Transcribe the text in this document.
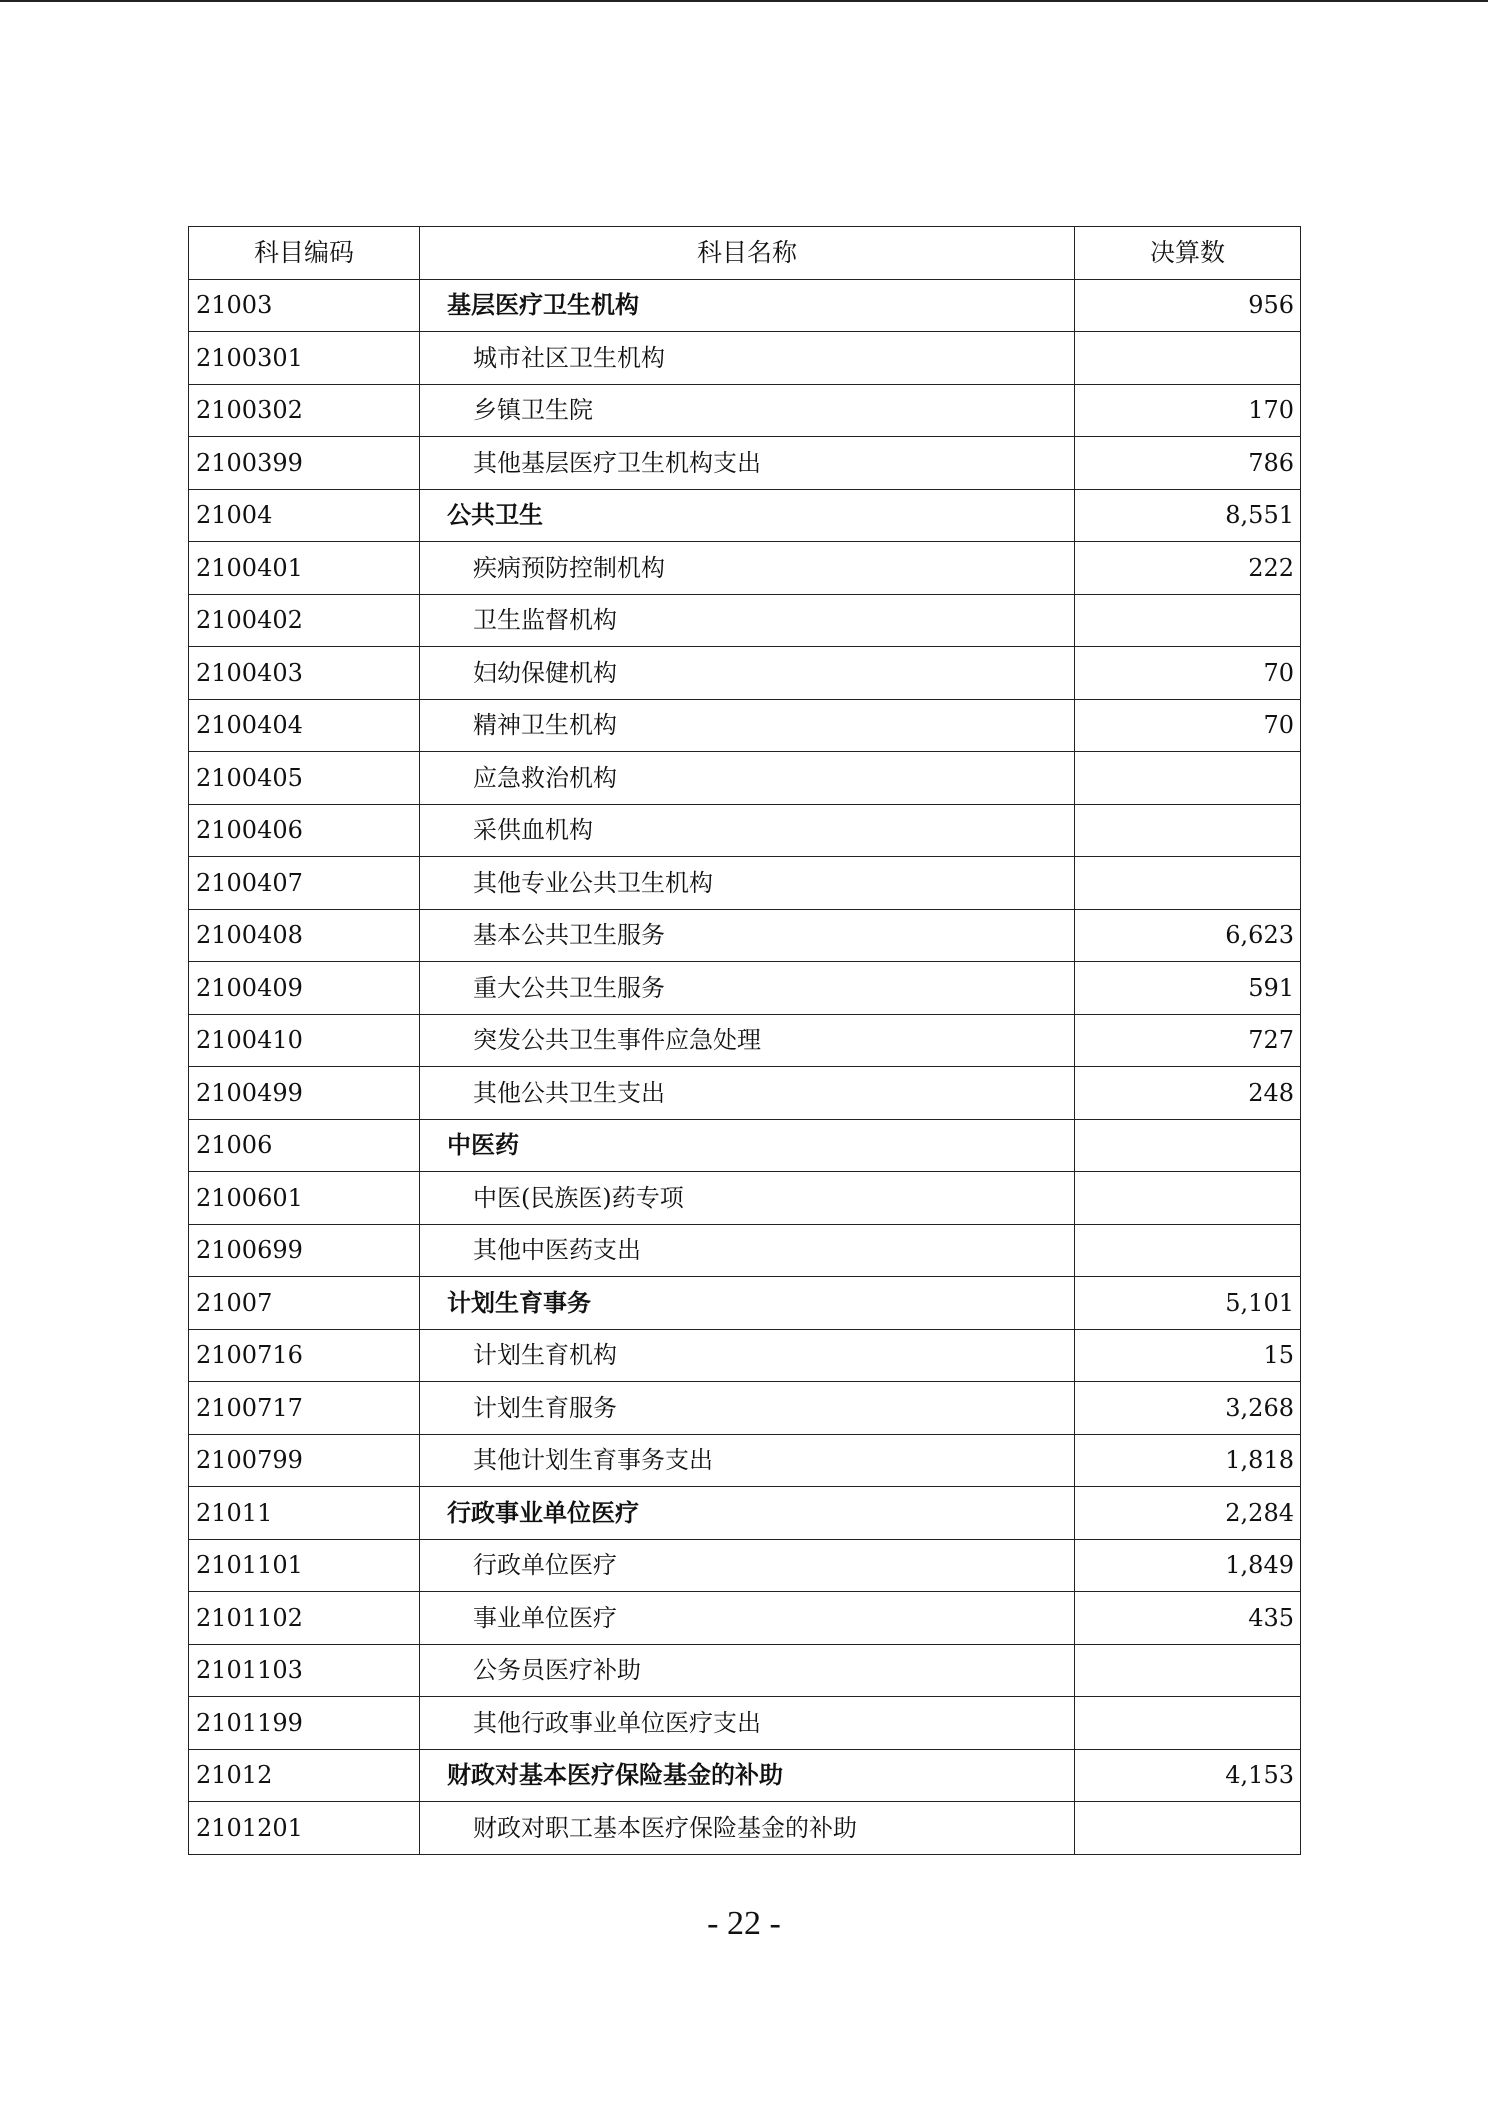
科目编码	科目名称	决算数
21003	基层医疗卫生机构	956
2100301	城市社区卫生机构	
2100302	乡镇卫生院	170
2100399	其他基层医疗卫生机构支出	786
21004	公共卫生	8,551
2100401	疾病预防控制机构	222
2100402	卫生监督机构	
2100403	妇幼保健机构	70
2100404	精神卫生机构	70
2100405	应急救治机构	
2100406	采供血机构	
2100407	其他专业公共卫生机构	
2100408	基本公共卫生服务	6,623
2100409	重大公共卫生服务	591
2100410	突发公共卫生事件应急处理	727
2100499	其他公共卫生支出	248
21006	中医药	
2100601	中医(民族医)药专项	
2100699	其他中医药支出	
21007	计划生育事务	5,101
2100716	计划生育机构	15
2100717	计划生育服务	3,268
2100799	其他计划生育事务支出	1,818
21011	行政事业单位医疗	2,284
2101101	行政单位医疗	1,849
2101102	事业单位医疗	435
2101103	公务员医疗补助	
2101199	其他行政事业单位医疗支出	
21012	财政对基本医疗保险基金的补助	4,153
2101201	财政对职工基本医疗保险基金的补助	
- 22 -
